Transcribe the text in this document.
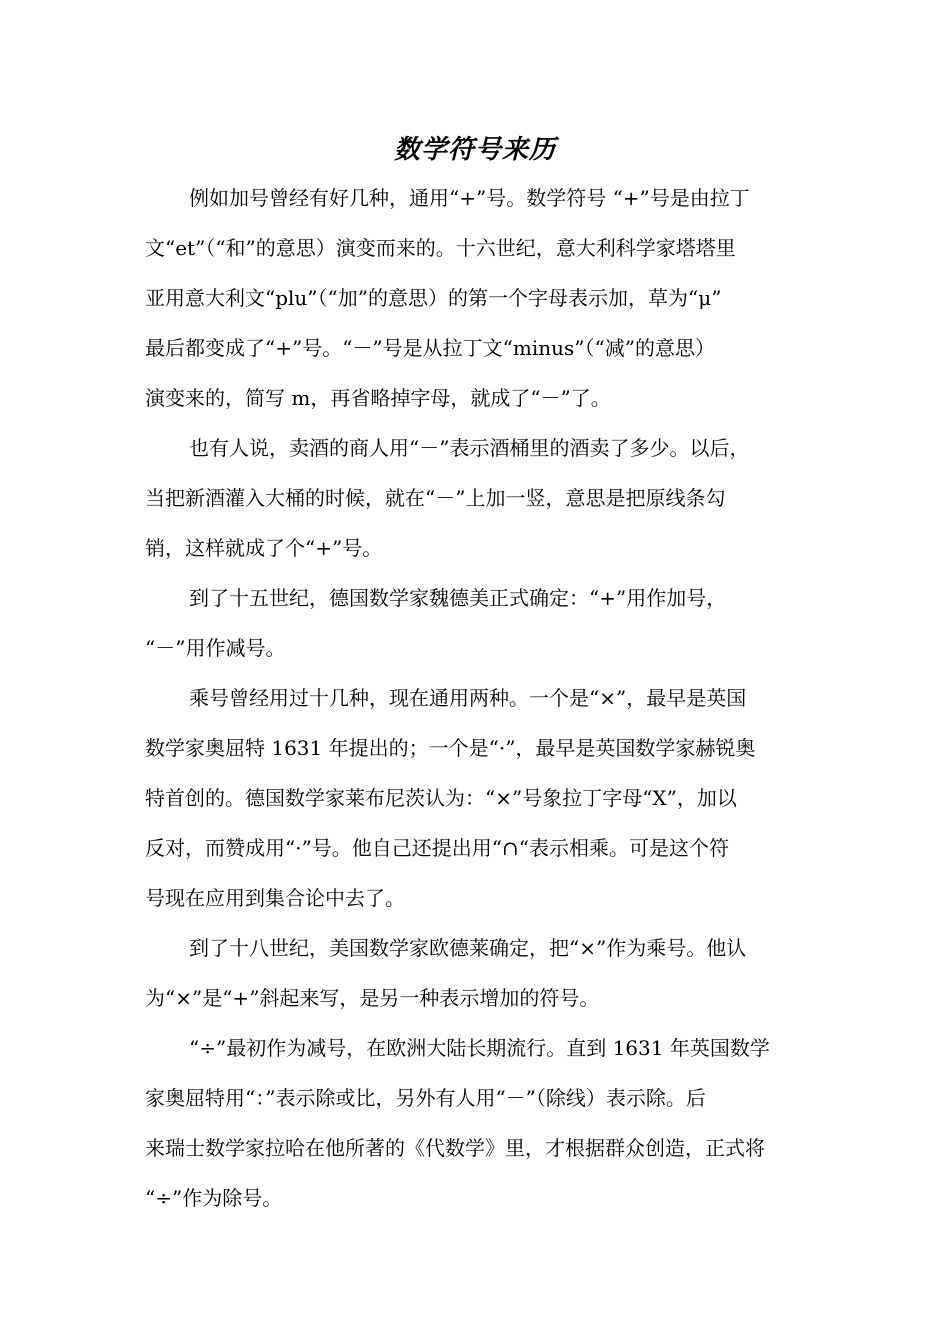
数学符号来历
例如加号曾经有好几种，通用“+”号。数学符号 “+”号是由拉丁
文“et”（“和”的意思）演变而来的。十六世纪，意大利科学家塔塔里
亚用意大利文“plu”（“加”的意思）的第一个字母表示加，草为“μ”
最后都变成了“+”号。“－”号是从拉丁文“minus”（“减”的意思）
演变来的，简写 m，再省略掉字母，就成了“－”了。
也有人说，卖酒的商人用“－”表示酒桶里的酒卖了多少。以后，
当把新酒灌入大桶的时候，就在“－”上加一竖，意思是把原线条勾
销，这样就成了个“+”号。
到了十五世纪，德国数学家魏德美正式确定：“+”用作加号，
“－”用作减号。
乘号曾经用过十几种，现在通用两种。一个是“×”，最早是英国
数学家奥屈特 1631 年提出的；一个是“·”，最早是英国数学家赫锐奥
特首创的。德国数学家莱布尼茨认为：“×”号象拉丁字母“X”，加以
反对，而赞成用“·”号。他自己还提出用“∩“表示相乘。可是这个符
号现在应用到集合论中去了。
到了十八世纪，美国数学家欧德莱确定，把“×”作为乘号。他认
为“×”是“+”斜起来写，是另一种表示增加的符号。
“÷”最初作为减号，在欧洲大陆长期流行。直到 1631 年英国数学
家奥屈特用“：”表示除或比，另外有人用“－”（除线）表示除。后
来瑞士数学家拉哈在他所著的《代数学》里，才根据群众创造，正式将
“÷”作为除号。
